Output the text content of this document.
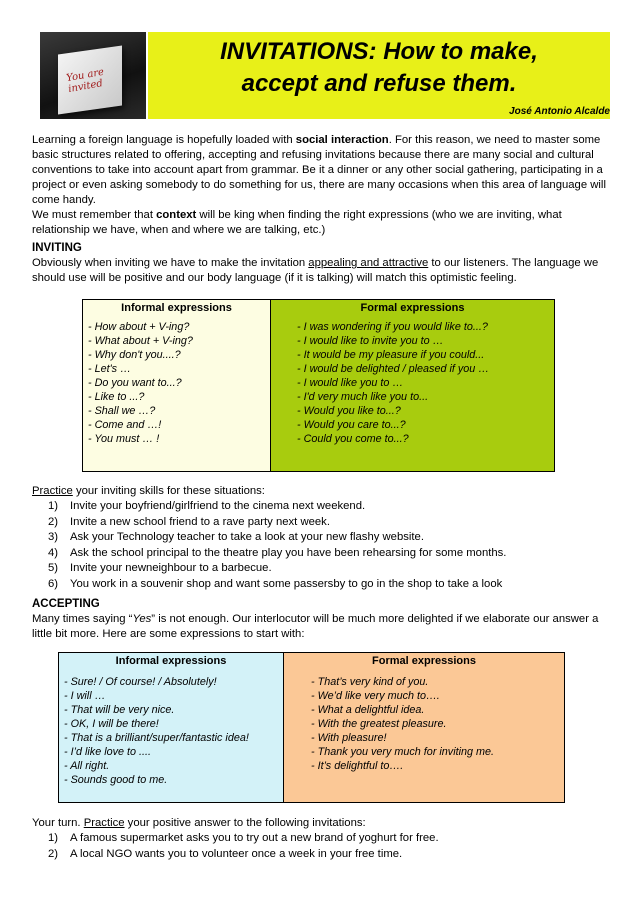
You are
invited
INVITATIONS: How to make,
accept and refuse them.
José Antonio Alcalde

Learning a foreign language is hopefully loaded with social interaction. For this reason, we need to master some basic structures related to offering, accepting and refusing invitations because there are many social and cultural conventions to take into account apart from grammar. Be it a dinner or any other social gathering, participating in a project or even asking somebody to do something for us, there are many occasions when this area of language will come handy.
We must remember that context will be king when finding the right expressions (who we are inviting, what relationship we have, when and where we are talking, etc.)

INVITING

Obviously when inviting we have to make the invitation appealing and attractive to our listeners. The language we should use will be positive and our body language (if it is talking) will match this optimistic feeling.

Informal expressions	Formal expressions
- How about + V-ing?
- What about + V-ing?
- Why don't you....?
- Let's …
- Do you want to...?
- Like to ...?
- Shall we …?
- Come and …!
- You must … !
- I was wondering if you would like to...?
- I would like to invite you to …
- It would be my pleasure if you could...
- I would be delighted / pleased if you …
- I would like you to …
- I'd very much like you to...
- Would you like to...?
- Would you care to...?
- Could you come to...?
Practice your inviting skills for these situations:
1) Invite your boyfriend/girlfriend to the cinema next weekend.
2) Invite a new school friend to a rave party next week.
3) Ask your Technology teacher to take a look at your new flashy website.
4) Ask the school principal to the theatre play you have been rehearsing for some months.
5) Invite your newneighbour to a barbecue.
6) You work in a souvenir shop and want some passersby to go in the shop to take a look
ACCEPTING

Many times saying “Yes” is not enough. Our interlocutor will be much more delighted if we elaborate our answer a little bit more. Here are some expressions to start with:

Informal expressions	Formal expressions
- Sure! / Of course! / Absolutely!
- I will …
- That will be very nice.
- OK, I will be there!
- That is a brilliant/super/fantastic idea!
- I’d like love to ....
- All right.
- Sounds good to me.
- That’s very kind of you.
- We’d like very much to….
- What a delightful idea.
- With the greatest pleasure.
- With pleasure!
- Thank you very much for inviting me.
- It’s delightful to….
Your turn. Practice your positive answer to the following invitations:
1) A famous supermarket asks you to try out a new brand of yoghurt for free.
2) A local NGO wants you to volunteer once a week in your free time.
